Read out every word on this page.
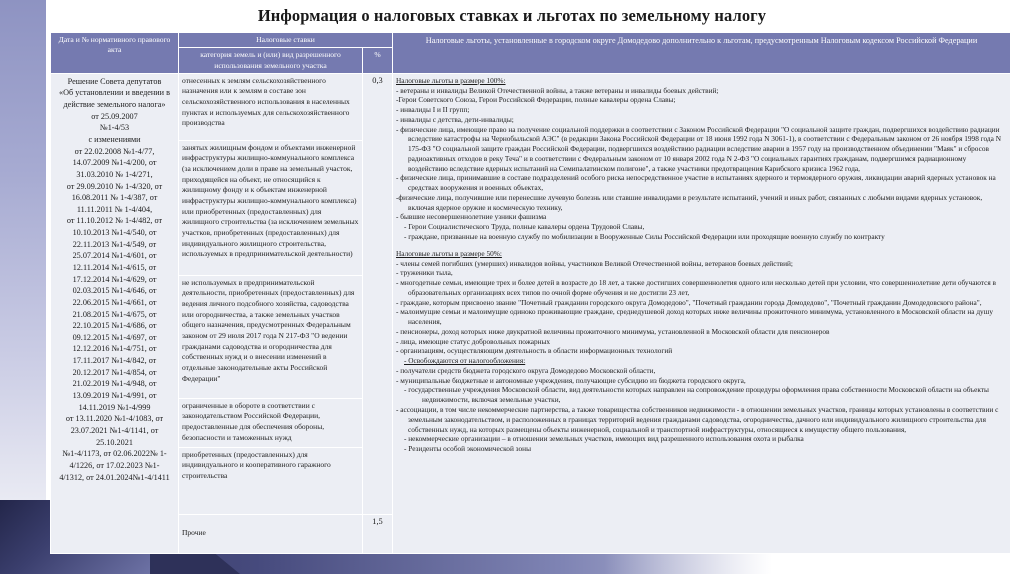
Информация о налоговых ставках и льготах по земельному налогу
Дата и № нормативного правового акта	Налоговые ставки		Налоговые льготы, установленные в городском округе Домодедово дополнительно к льготам, предусмотренным Налоговым кодексом Российской Федерации
	категория земель и (или) вид разрешенного использования земельного участка	%	

Решение Совета депутатов
«Об установлении и введении в
действие земельного налога»
от 25.09.2007
№1-4/53
с изменениями
от 22.02.2008 №1-4/77,
14.07.2009 №1-4/200, от
31.03.2010 № 1-4/271,
от 29.09.2010 № 1-4/320, от
16.08.2011 № 1-4/387, от
11.11.2011 № 1-4/404,
от 11.10.2012 № 1-4/482, от
10.10.2013 №1-4/540, от
22.11.2013 №1-4/549, от
25.07.2014 №1-4/601, от
12.11.2014 №1-4/615, от
17.12.2014 №1-4/629, от
02.03.2015 №1-4/646, от
22.06.2015 №1-4/661, от
21.08.2015 №1-4/675, от
22.10.2015 №1-4/686, от
09.12.2015 №1-4/697, от
12.12.2016 №1-4/751, от
17.11.2017 №1-4/842, от
20.12.2017 №1-4/854, от
21.02.2019 №1-4/948, от
13.09.2019 №1-4/991, от
14.11.2019 №1-4/999
от 13.11.2020 №1-4/1083, от
23.07.2021 №1-4/1141, от
25.10.2021
№1-4/1173, от 02.06.2022№ 1-
4/1226, от 17.02.2023 №1-
4/1312, от 24.01.2024№1-4/1411
	отнесенных к землям сельскохозяйственного назначения или к землям в составе зон сельскохозяйственного использования в населенных пунктах и используемых для сельскохозяйственного производства	0,3	Налоговые льготы в размере 100%:
- ветераны и инвалиды Великой Отечественной войны, а также ветераны и инвалиды боевых действий;
-Герои Советского Союза, Герои Российской Федерации, полные кавалеры ордена Славы;
- инвалиды I и II групп;
- инвалиды с детства, дети-инвалиды;
- физические лица, имеющие право на получение социальной поддержки в соответствии с Законом Российской Федерации "О социальной защите граждан, подвергшихся воздействию радиации вследствие катастрофы на Чернобыльской АЭС" (в редакции Закона Российской Федерации от 18 июня 1992 года N 3061-1), в соответствии с Федеральным законом от 26 ноября 1998 года N 175-ФЗ "О социальной защите граждан Российской Федерации, подвергшихся воздействию радиации вследствие аварии в 1957 году на производственном объединении "Маяк" и сбросов радиоактивных отходов в реку Теча" и в соответствии с Федеральным законом от 10 января 2002 года N 2-ФЗ "О социальных гарантиях гражданам, подвергшимся радиационному воздействию вследствие ядерных испытаний на Семипалатинском полигоне", а также участники предотвращения Карибского кризиса 1962 года,
- физические лица, принимавшие в составе подразделений особого риска непосредственное участие в испытаниях ядерного и термоядерного оружия, ликвидации аварий ядерных установок на средствах вооружения и военных объектах,
-физические лица, получившие или перенесшие лучевую болезнь или ставшие инвалидами в результате испытаний, учений и иных работ, связанных с любыми видами ядерных установок, включая ядерное оружие и космическую технику,
- бывшие несовершеннолетние узники фашизма
- Герои Социалистического Труда, полные кавалеры ордена Трудовой Славы,
- граждане, призванные на военную службу по мобилизации в Вооруженные Силы Российской Федерации или проходящие военную службу по контракту
Налоговые льготы в размере 50%:
- члены семей погибших (умерших) инвалидов войны, участников Великой Отечественной войны, ветеранов боевых действий;
- труженики тыла,
- многодетные семьи, имеющие трех и более детей в возрасте до 18 лет, а также достигших совершеннолетия одного или несколько детей при условии, что совершеннолетние дети обучаются в образовательных организациях всех типов по очной форме обучения и не достигли 23 лет,
- граждане, которым присвоено звание "Почетный гражданин городского округа Домодедово", "Почетный гражданин города Домодедово", "Почетный гражданин Домодедовского района",
- малоимущие семьи и малоимущие одиноко проживающие граждане, среднедушевой доход которых ниже величины прожиточного минимума, установленного в Московской области на душу населения,
- пенсионеры, доход которых ниже двукратной величины прожиточного минимума, установленной в Московской области для пенсионеров
- лица, имеющие статус добровольных пожарных
- организациям, осуществляющим деятельность в области информационных технологий
- Освобождаются от налогообложения:
- получатели средств бюджета городского округа Домодедово Московской области,
- муниципальные бюджетные и автономные учреждения, получающие субсидию из бюджета городского округа,
- государственные учреждения Московской области, вид деятельности которых направлен на сопровождение процедуры оформления права собственности Московской области на объекты недвижимости, включая земельные участки,
- ассоциации, в том числе некоммерческие партнерства, а также товарищества собственников недвижимости - в отношении земельных участков, границы которых установлены в соответствии с земельным законодательством, и расположенных в границах территорий ведения гражданами садоводства, огородничества, дачного или индивидуального жилищного строительства для собственных нужд, на которых размещены объекты инженерной, социальной и транспортной инфраструктуры, относящиеся к имуществу общего пользования,
- некоммерческие организации – в отношении земельных участков, имеющих вид разрешенного использования охота и рыбалка
- Резиденты особой экономической зоны

	занятых жилищным фондом и объектами инженерной инфраструктуры жилищно-коммунального комплекса (за исключением доли в праве на земельный участок, приходящейся на объект, не относящийся к жилищному фонду и к объектам инженерной инфраструктуры жилищно-коммунального комплекса) или приобретенных (предоставленных) для жилищного строительства (за исключением земельных участков, приобретенных (предоставленных) для индивидуального жилищного строительства, используемых в предпринимательской деятельности)		
	не используемых в предпринимательской деятельности, приобретенных (предоставленных) для ведения личного подсобного хозяйства, садоводства или огородничества, а также земельных участков общего назначения, предусмотренных Федеральным законом от 29 июля 2017 года N 217-ФЗ "О ведении гражданами садоводства и огородничества для собственных нужд и о внесении изменений в отдельные законодательные акты Российской Федерации"		
	ограниченные в обороте в соответствии с законодательством Российской Федерации, предоставленные для обеспечения обороны, безопасности и таможенных нужд		
	приобретенных (предоставленных) для индивидуального и кооперативного гаражного строительства		
	Прочие	1,5	
